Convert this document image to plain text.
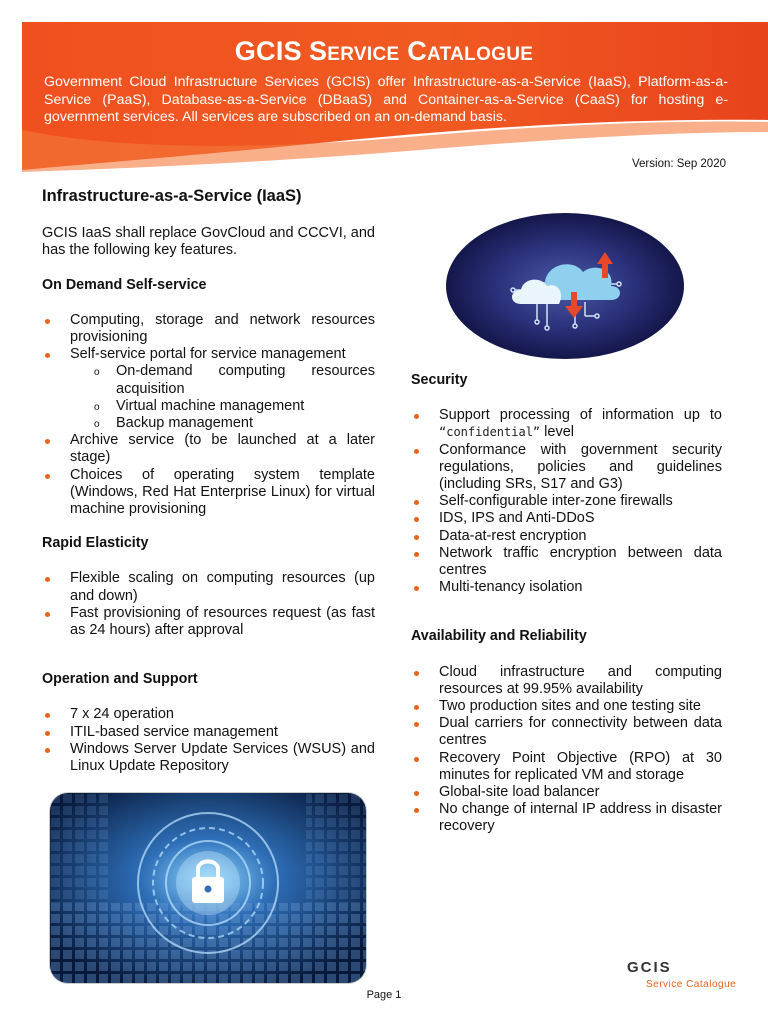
GCIS Service Catalogue

Government Cloud Infrastructure Services (GCIS) offer Infrastructure-as-a-Service (IaaS), Platform-as-a-Service (PaaS), Database-as-a-Service (DBaaS) and Container-as-a-Service (CaaS) for hosting e-government services. All services are subscribed on an on-demand basis.

Version: Sep 2020
Infrastructure-as-a-Service (IaaS)

GCIS IaaS shall replace GovCloud and CCCVI, and has the following key features.

On Demand Self-service
Computing, storage and network resources provisioning
Self-service portal for service management
o On-demand computing resources acquisition
o Virtual machine management
o Backup management
Archive service (to be launched at a later stage)
Choices of operating system template (Windows, Red Hat Enterprise Linux) for virtual machine provisioning
Rapid Elasticity
Flexible scaling on computing resources (up and down)
Fast provisioning of resources request (as fast as 24 hours) after approval
Operation and Support
7 x 24 operation
ITIL-based service management
Windows Server Update Services (WSUS) and Linux Update Repository
Security
Support processing of information up to “confidential” level
Conformance with government security regulations, policies and guidelines (including SRs, S17 and G3)
Self-configurable inter-zone firewalls
IDS, IPS and Anti-DDoS
Data-at-rest encryption
Network traffic encryption between data centres
Multi-tenancy isolation
Availability and Reliability
Cloud infrastructure and computing resources at 99.95% availability
Two production sites and one testing site
Dual carriers for connectivity between data centres
Recovery Point Objective (RPO) at 30 minutes for replicated VM and storage
Global-site load balancer
No change of internal IP address in disaster recovery
GCIS
Service Catalogue
Page 1
